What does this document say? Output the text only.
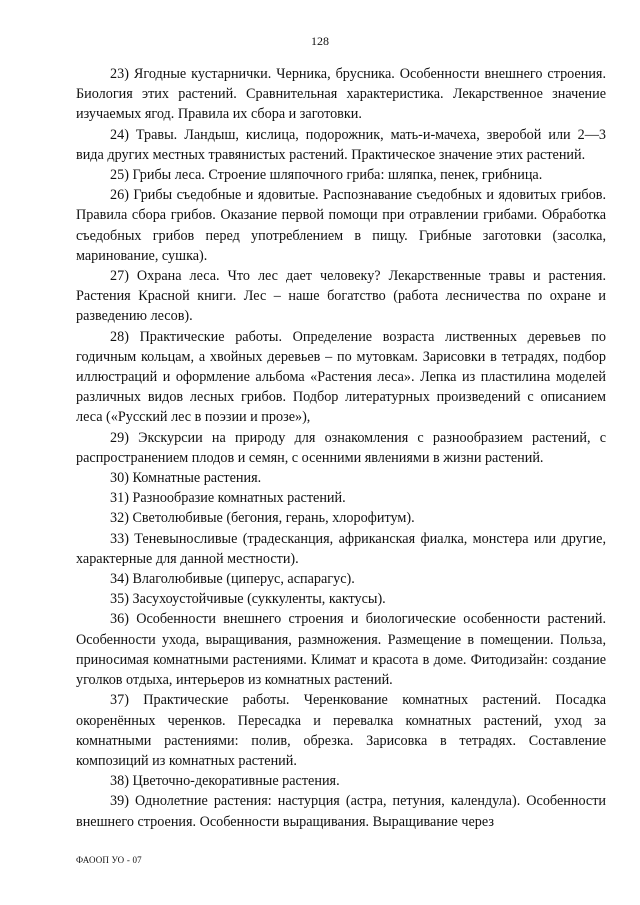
128

23) Ягодные кустарнички. Черника, брусника. Особенности внешнего строения. Биология этих растений. Сравнительная характеристика. Лекарственное значение изучаемых ягод. Правила их сбора и заготовки.

24) Травы. Ландыш, кислица, подорожник, мать-и-мачеха, зверобой или 2—3 вида других местных травянистых растений. Практическое значение этих растений.

25) Грибы леса. Строение шляпочного гриба: шляпка, пенек, грибница.

26) Грибы съедобные и ядовитые. Распознавание съедобных и ядовитых грибов. Правила сбора грибов. Оказание первой помощи при отравлении грибами. Обработка съедобных грибов перед употреблением в пищу. Грибные заготовки (засолка, маринование, сушка).

27) Охрана леса. Что лес дает человеку? Лекарственные травы и растения. Растения Красной книги. Лес – наше богатство (работа лесничества по охране и разведению лесов).

28) Практические работы. Определение возраста лиственных деревьев по годичным кольцам, а хвойных деревьев – по мутовкам. Зарисовки в тетрадях, подбор иллюстраций и оформление альбома «Растения леса». Лепка из пластилина моделей различных видов лесных грибов. Подбор литературных произведений с описанием леса («Русский лес в поэзии и прозе»),

29) Экскурсии на природу для ознакомления с разнообразием растений, с распространением плодов и семян, с осенними явлениями в жизни растений.

30) Комнатные растения.

31) Разнообразие комнатных растений.

32) Светолюбивые (бегония, герань, хлорофитум).

33) Теневыносливые (традесканция, африканская фиалка, монстера или другие, характерные для данной местности).

34) Влаголюбивые (циперус, аспарагус).

35) Засухоустойчивые (суккуленты, кактусы).

36) Особенности внешнего строения и биологические особенности растений. Особенности ухода, выращивания, размножения. Размещение в помещении. Польза, приносимая комнатными растениями. Климат и красота в доме. Фитодизайн: создание уголков отдыха, интерьеров из комнатных растений.

37) Практические работы. Черенкование комнатных растений. Посадка окоренённых черенков. Пересадка и перевалка комнатных растений, уход за комнатными растениями: полив, обрезка. Зарисовка в тетрадях. Составление композиций из комнатных растений.

38) Цветочно-декоративные растения.

39) Однолетние растения: настурция (астра, петуния, календула). Особенности внешнего строения. Особенности выращивания. Выращивание через

ФАООП УО - 07
